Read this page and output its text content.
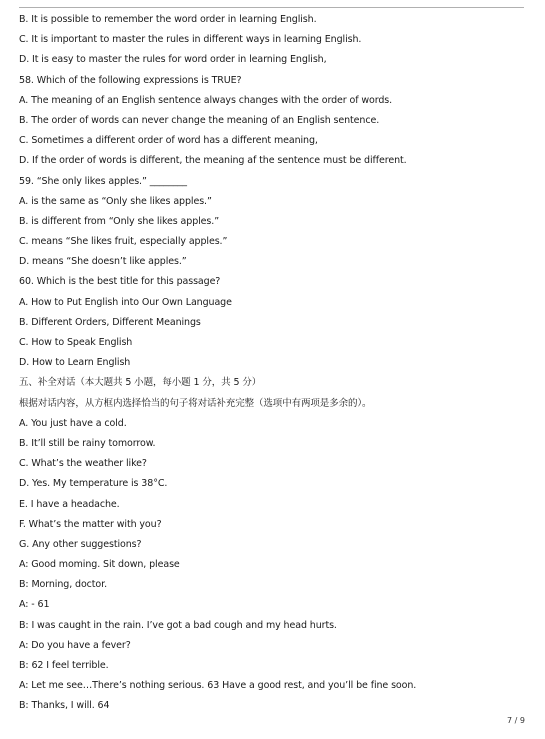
B. It is possible to remember the word order in learning English.
C. It is important to master the rules in different ways in learning English.
D. It is easy to master the rules for word order in learning English,
58. Which of the following expressions is TRUE?
A. The meaning of an English sentence always changes with the order of words.
B. The order of words can never change the meaning of an English sentence.
C. Sometimes a different order of word has a different meaning,
D. If the order of words is different, the meaning af the sentence must be different.
59. “She only likes apples.” ________
A. is the same as “Only she likes apples.”
B. is different from “Only she likes apples.”
C. means “She likes fruit, especially apples.”
D. means “She doesn’t like apples.”
60. Which is the best title for this passage?
A. How to Put English into Our Own Language
B. Different Orders, Different Meanings
C. How to Speak English
D. How to Learn English
五、补全对话（本大题共 5 小题，每小题 1 分，共 5 分）
根据对话内容，从方框内选择恰当的句子将对话补充完整（选项中有两项是多余的）。
A. You just have a cold.
B. It’ll still be rainy tomorrow.
C. What’s the weather like?
D. Yes. My temperature is 38°C.
E. I have a headache.
F. What’s the matter with you?
G. Any other suggestions?
A: Good moming. Sit down, please
B: Morning, doctor.
A: - 61
B: I was caught in the rain. I’ve got a bad cough and my head hurts.
A: Do you have a fever?
B: 62 I feel terrible.
A: Let me see…There’s nothing serious. 63 Have a good rest, and you’ll be fine soon.
B: Thanks, I will. 64
7 / 9
